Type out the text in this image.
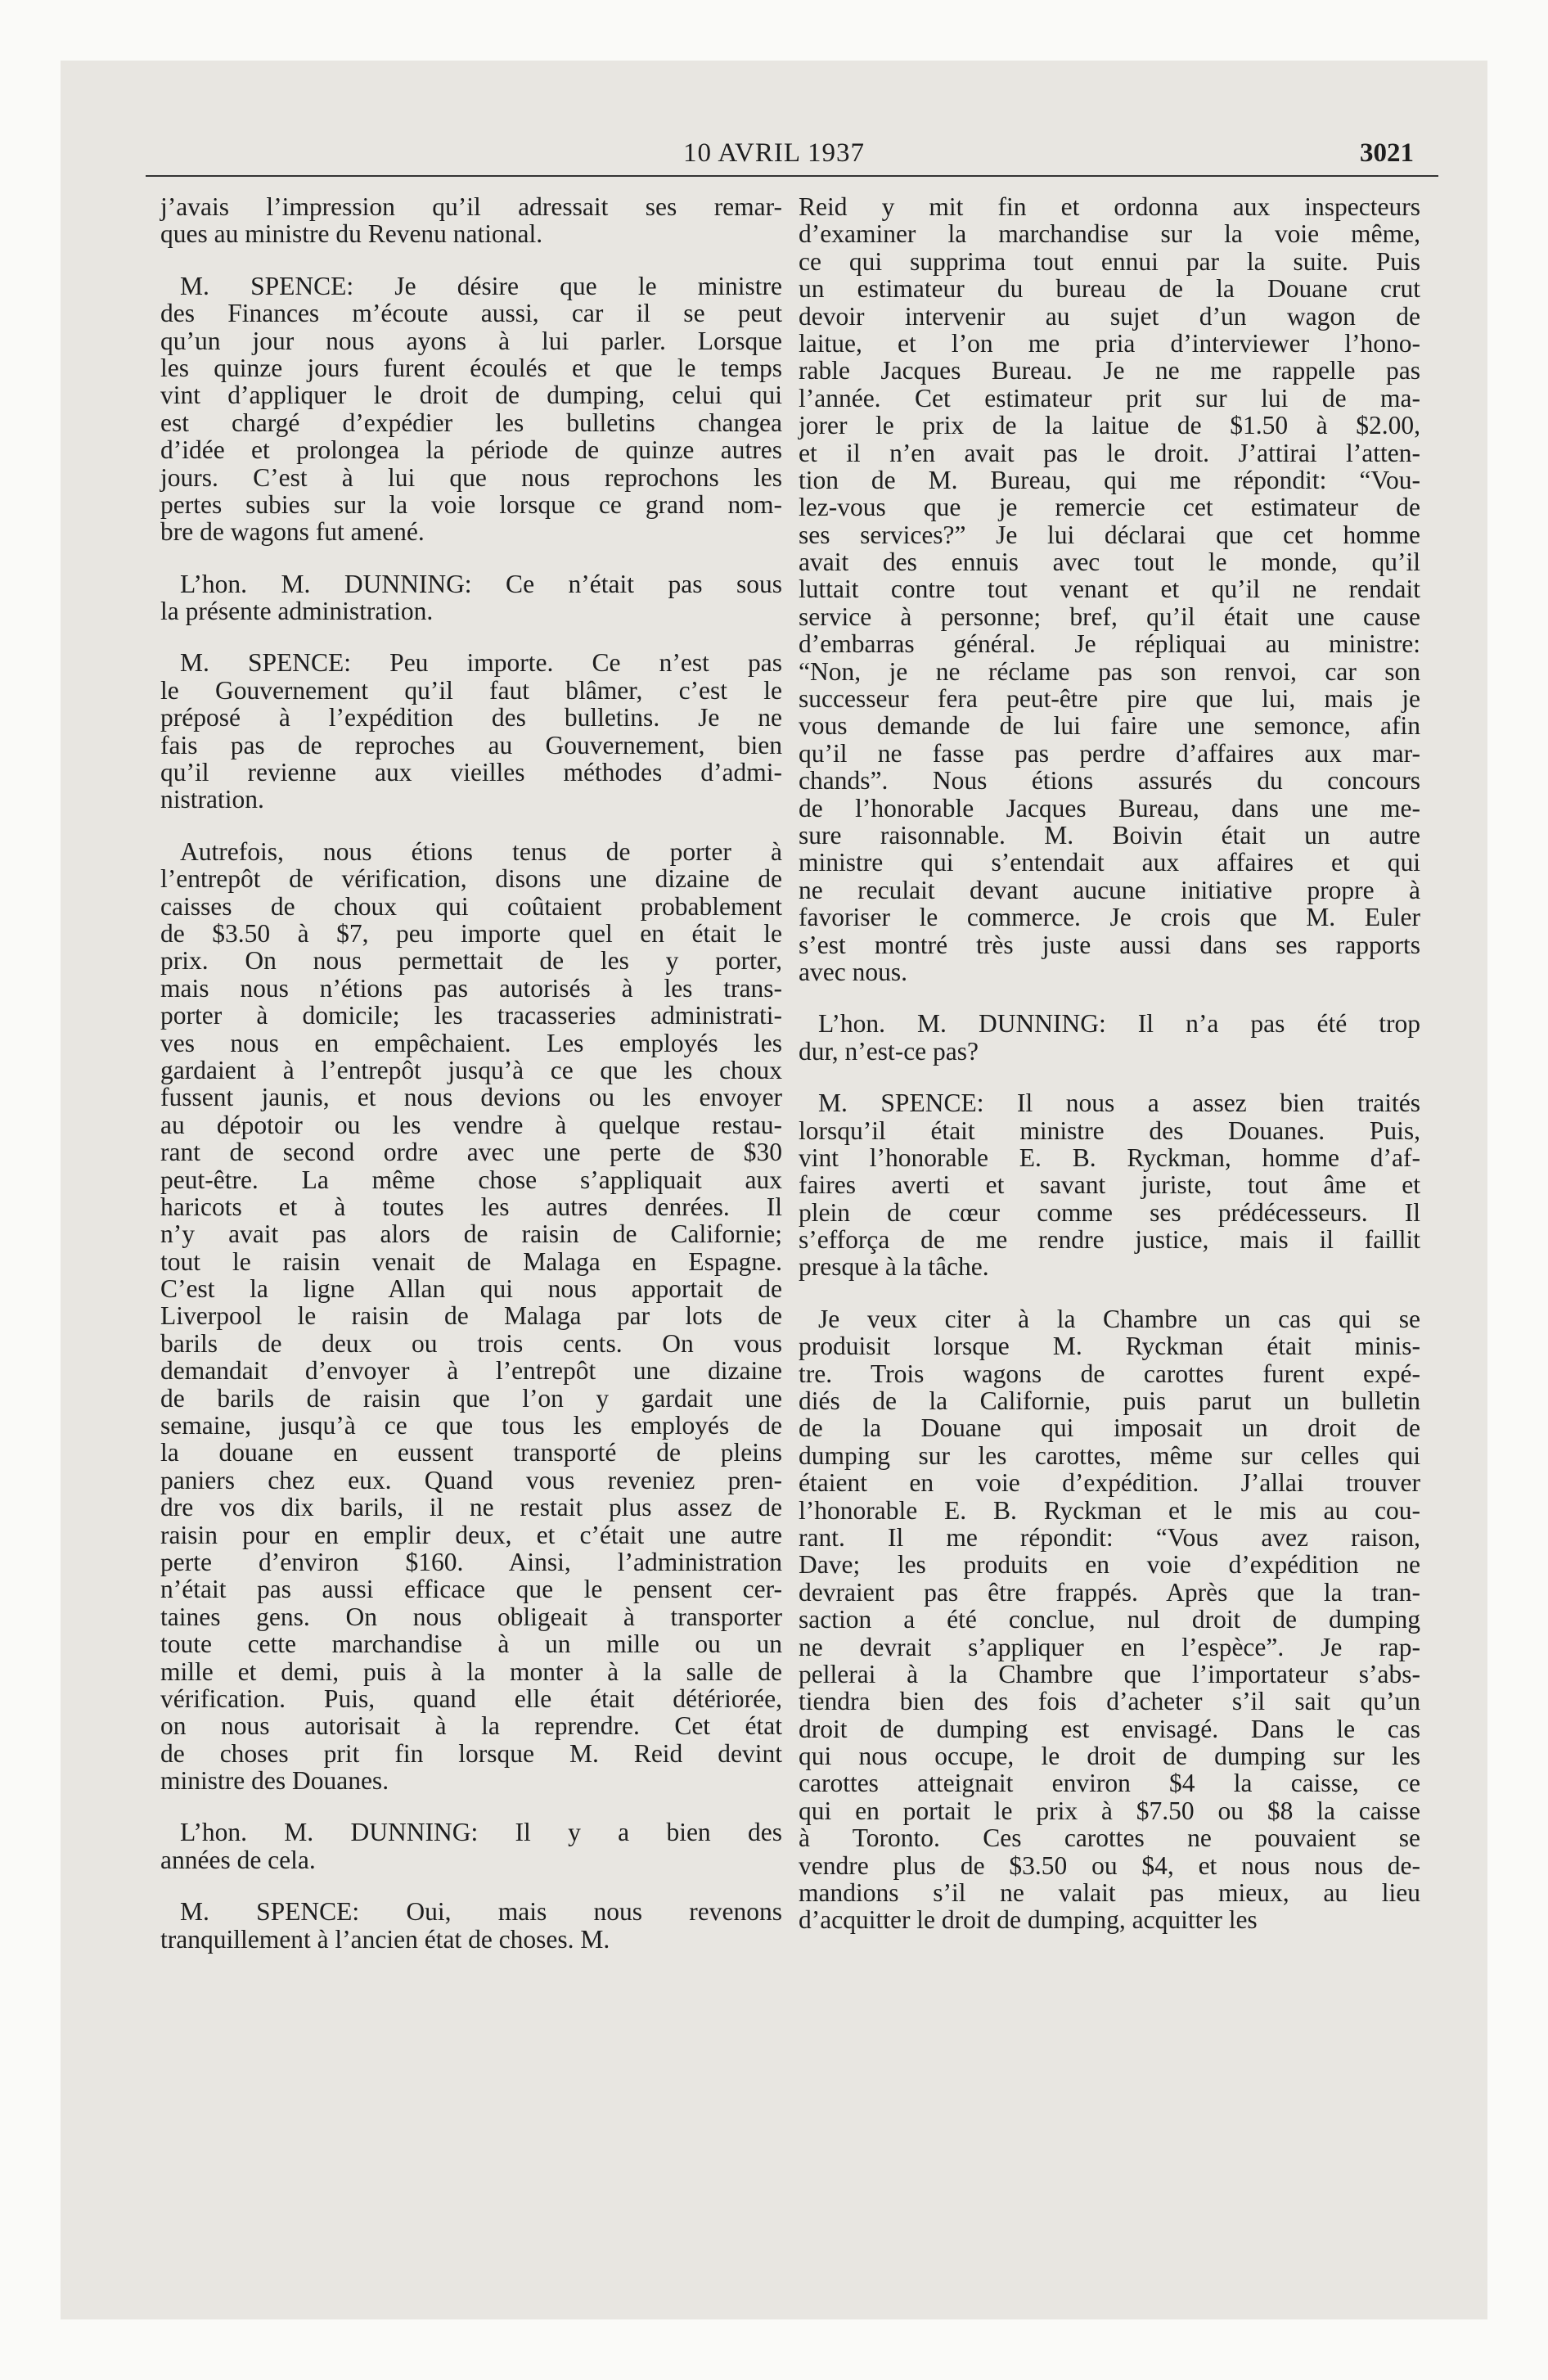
10 AVRIL 1937	3021
j’avais l’impression qu’il adressait ses remar-
ques au ministre du Revenu national.
M. SPENCE: Je désire que le ministre
des Finances m’écoute aussi, car il se peut
qu’un jour nous ayons à lui parler. Lorsque
les quinze jours furent écoulés et que le temps
vint d’appliquer le droit de dumping, celui qui
est chargé d’expédier les bulletins changea
d’idée et prolongea la période de quinze autres
jours. C’est à lui que nous reprochons les
pertes subies sur la voie lorsque ce grand nom-
bre de wagons fut amené.
L’hon. M. DUNNING: Ce n’était pas sous
la présente administration.
M. SPENCE: Peu importe. Ce n’est pas
le Gouvernement qu’il faut blâmer, c’est le
préposé à l’expédition des bulletins. Je ne
fais pas de reproches au Gouvernement, bien
qu’il revienne aux vieilles méthodes d’admi-
nistration.
Autrefois, nous étions tenus de porter à
l’entrepôt de vérification, disons une dizaine de
caisses de choux qui coûtaient probablement
de $3.50 à $7, peu importe quel en était le
prix. On nous permettait de les y porter,
mais nous n’étions pas autorisés à les trans-
porter à domicile; les tracasseries administrati-
ves nous en empêchaient. Les employés les
gardaient à l’entrepôt jusqu’à ce que les choux
fussent jaunis, et nous devions ou les envoyer
au dépotoir ou les vendre à quelque restau-
rant de second ordre avec une perte de $30
peut-être. La même chose s’appliquait aux
haricots et à toutes les autres denrées. Il
n’y avait pas alors de raisin de Californie;
tout le raisin venait de Malaga en Espagne.
C’est la ligne Allan qui nous apportait de
Liverpool le raisin de Malaga par lots de
barils de deux ou trois cents. On vous
demandait d’envoyer à l’entrepôt une dizaine
de barils de raisin que l’on y gardait une
semaine, jusqu’à ce que tous les employés de
la douane en eussent transporté de pleins
paniers chez eux. Quand vous reveniez pren-
dre vos dix barils, il ne restait plus assez de
raisin pour en emplir deux, et c’était une autre
perte d’environ $160. Ainsi, l’administration
n’était pas aussi efficace que le pensent cer-
taines gens. On nous obligeait à transporter
toute cette marchandise à un mille ou un
mille et demi, puis à la monter à la salle de
vérification. Puis, quand elle était détériorée,
on nous autorisait à la reprendre. Cet état
de choses prit fin lorsque M. Reid devint
ministre des Douanes.
L’hon. M. DUNNING: Il y a bien des
années de cela.
M. SPENCE: Oui, mais nous revenons
tranquillement à l’ancien état de choses. M.
Reid y mit fin et ordonna aux inspecteurs
d’examiner la marchandise sur la voie même,
ce qui supprima tout ennui par la suite. Puis
un estimateur du bureau de la Douane crut
devoir intervenir au sujet d’un wagon de
laitue, et l’on me pria d’interviewer l’hono-
rable Jacques Bureau. Je ne me rappelle pas
l’année. Cet estimateur prit sur lui de ma-
jorer le prix de la laitue de $1.50 à $2.00,
et il n’en avait pas le droit. J’attirai l’atten-
tion de M. Bureau, qui me répondit: “Vou-
lez-vous que je remercie cet estimateur de
ses services?” Je lui déclarai que cet homme
avait des ennuis avec tout le monde, qu’il
luttait contre tout venant et qu’il ne rendait
service à personne; bref, qu’il était une cause
d’embarras général. Je répliquai au ministre:
“Non, je ne réclame pas son renvoi, car son
successeur fera peut-être pire que lui, mais je
vous demande de lui faire une semonce, afin
qu’il ne fasse pas perdre d’affaires aux mar-
chands”. Nous étions assurés du concours
de l’honorable Jacques Bureau, dans une me-
sure raisonnable. M. Boivin était un autre
ministre qui s’entendait aux affaires et qui
ne reculait devant aucune initiative propre à
favoriser le commerce. Je crois que M. Euler
s’est montré très juste aussi dans ses rapports
avec nous.
L’hon. M. DUNNING: Il n’a pas été trop
dur, n’est-ce pas?
M. SPENCE: Il nous a assez bien traités
lorsqu’il était ministre des Douanes. Puis,
vint l’honorable E. B. Ryckman, homme d’af-
faires averti et savant juriste, tout âme et
plein de cœur comme ses prédécesseurs. Il
s’efforça de me rendre justice, mais il faillit
presque à la tâche.
Je veux citer à la Chambre un cas qui se
produisit lorsque M. Ryckman était minis-
tre. Trois wagons de carottes furent expé-
diés de la Californie, puis parut un bulletin
de la Douane qui imposait un droit de
dumping sur les carottes, même sur celles qui
étaient en voie d’expédition. J’allai trouver
l’honorable E. B. Ryckman et le mis au cou-
rant. Il me répondit: “Vous avez raison,
Dave; les produits en voie d’expédition ne
devraient pas être frappés. Après que la tran-
saction a été conclue, nul droit de dumping
ne devrait s’appliquer en l’espèce”. Je rap-
pellerai à la Chambre que l’importateur s’abs-
tiendra bien des fois d’acheter s’il sait qu’un
droit de dumping est envisagé. Dans le cas
qui nous occupe, le droit de dumping sur les
carottes atteignait environ $4 la caisse, ce
qui en portait le prix à $7.50 ou $8 la caisse
à Toronto. Ces carottes ne pouvaient se
vendre plus de $3.50 ou $4, et nous nous de-
mandions s’il ne valait pas mieux, au lieu
d’acquitter le droit de dumping, acquitter les
